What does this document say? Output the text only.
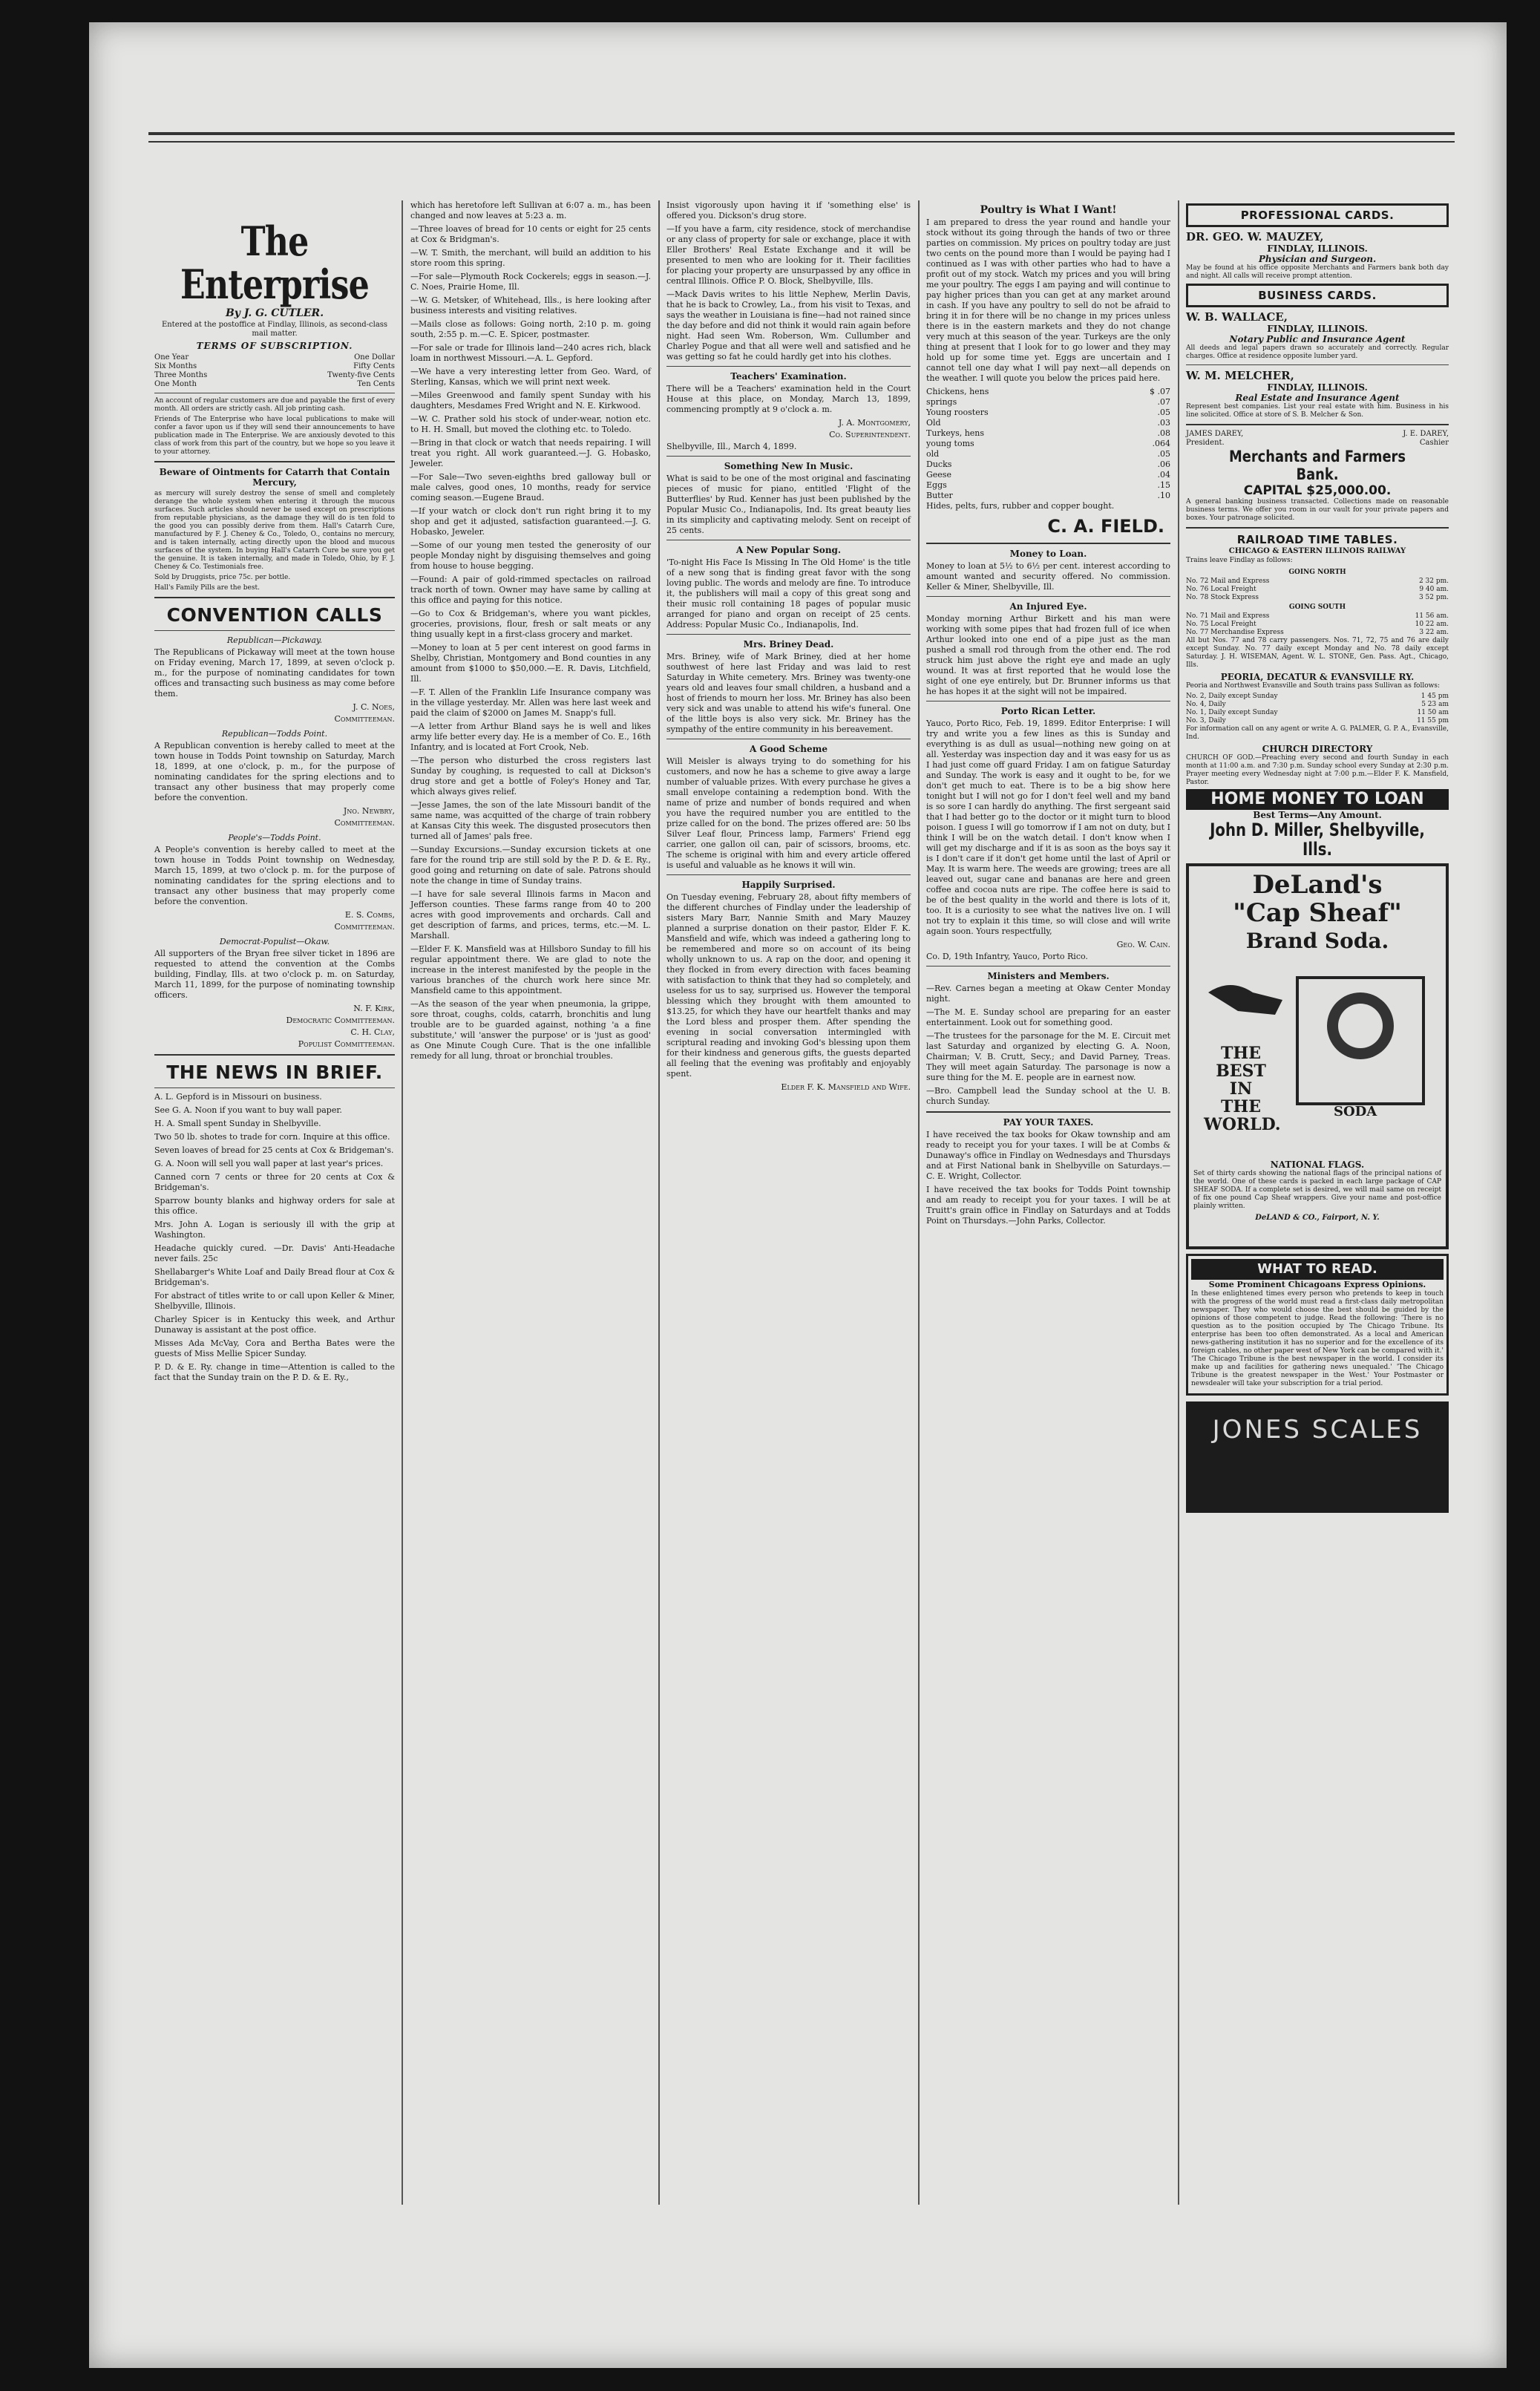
The Enterprise
By J. G. CUTLER.
Entered at the postoffice at Findlay, Illinois, as second-class mail matter.
TERMS OF SUBSCRIPTION.
One Year	One Dollar
Six Months	Fifty Cents
Three Months	Twenty-five Cents
One Month	Ten Cents

An account of regular customers are due and payable the first of every month. All orders are strictly cash. All job printing cash.

Friends of The Enterprise who have local publications to make will confer a favor upon us if they will send their announcements to have publication made in The Enterprise. We are anxiously devoted to this class of work from this part of the country, but we hope so you leave it to your attorney.

Beware of Ointments for Catarrh that Contain Mercury,

as mercury will surely destroy the sense of smell and completely derange the whole system when entering it through the mucous surfaces. Such articles should never be used except on prescriptions from reputable physicians, as the damage they will do is ten fold to the good you can possibly derive from them. Hall's Catarrh Cure, manufactured by F. J. Cheney & Co., Toledo, O., contains no mercury, and is taken internally, acting directly upon the blood and mucous surfaces of the system. In buying Hall's Catarrh Cure be sure you get the genuine. It is taken internally, and made in Toledo, Ohio, by F. J. Cheney & Co. Testimonials free.

Sold by Druggists, price 75c. per bottle.

Hall's Family Pills are the best.

CONVENTION CALLS
Republican—Pickaway.

The Republicans of Pickaway will meet at the town house on Friday evening, March 17, 1899, at seven o'clock p. m., for the purpose of nominating candidates for town offices and transacting such business as may come before them.

J. C. Noes,
Committeeman.
Republican—Todds Point.

A Republican convention is hereby called to meet at the town house in Todds Point township on Saturday, March 18, 1899, at one o'clock, p. m., for the purpose of nominating candidates for the spring elections and to transact any other business that may properly come before the convention.

Jno. Newbry,
Committeeman.
People's—Todds Point.

A People's convention is hereby called to meet at the town house in Todds Point township on Wednesday, March 15, 1899, at two o'clock p. m. for the purpose of nominating candidates for the spring elections and to transact any other business that may properly come before the convention.

E. S. Combs,
Committeeman.
Democrat-Populist—Okaw.

All supporters of the Bryan free silver ticket in 1896 are requested to attend the convention at the Combs building, Findlay, Ills. at two o'clock p. m. on Saturday, March 11, 1899, for the purpose of nominating township officers.

N. F. Kirk,
Democratic Committeeman.
C. H. Clay,
Populist Committeeman.
THE NEWS IN BRIEF.

A. L. Gepford is in Missouri on business.

See G. A. Noon if you want to buy wall paper.

H. A. Small spent Sunday in Shelbyville.

Two 50 lb. shotes to trade for corn. Inquire at this office.

Seven loaves of bread for 25 cents at Cox & Bridgeman's.

G. A. Noon will sell you wall paper at last year's prices.

Canned corn 7 cents or three for 20 cents at Cox & Bridgeman's.

Sparrow bounty blanks and highway orders for sale at this office.

Mrs. John A. Logan is seriously ill with the grip at Washington.

Headache quickly cured. —Dr. Davis' Anti-Headache never fails. 25c

Shellabarger's White Loaf and Daily Bread flour at Cox & Bridgeman's.

For abstract of titles write to or call upon Keller & Miner, Shelbyville, Illinois.

Charley Spicer is in Kentucky this week, and Arthur Dunaway is assistant at the post office.

Misses Ada McVay, Cora and Bertha Bates were the guests of Miss Mellie Spicer Sunday.

P. D. & E. Ry. change in time—Attention is called to the fact that the Sunday train on the P. D. & E. Ry.,

which has heretofore left Sullivan at 6:07 a. m., has been changed and now leaves at 5:23 a. m.

—Three loaves of bread for 10 cents or eight for 25 cents at Cox & Bridgman's.

—W. T. Smith, the merchant, will build an addition to his store room this spring.

—For sale—Plymouth Rock Cockerels; eggs in season.—J. C. Noes, Prairie Home, Ill.

—W. G. Metsker, of Whitehead, Ills., is here looking after business interests and visiting relatives.

—Mails close as follows: Going north, 2:10 p. m. going south, 2:55 p. m.—C. E. Spicer, postmaster.

—For sale or trade for Illinois land—240 acres rich, black loam in northwest Missouri.—A. L. Gepford.

—We have a very interesting letter from Geo. Ward, of Sterling, Kansas, which we will print next week.

—Miles Greenwood and family spent Sunday with his daughters, Mesdames Fred Wright and N. E. Kirkwood.

—W. C. Prather sold his stock of under-wear, notion etc. to H. H. Small, but moved the clothing etc. to Toledo.

—Bring in that clock or watch that needs repairing. I will treat you right. All work guaranteed.—J. G. Hobasko, Jeweler.

—For Sale—Two seven-eighths bred galloway bull or male calves, good ones, 10 months, ready for service coming season.—Eugene Braud.

—If your watch or clock don't run right bring it to my shop and get it adjusted, satisfaction guaranteed.—J. G. Hobasko, Jeweler.

—Some of our young men tested the generosity of our people Monday night by disguising themselves and going from house to house begging.

—Found: A pair of gold-rimmed spectacles on railroad track north of town. Owner may have same by calling at this office and paying for this notice.

—Go to Cox & Bridgeman's, where you want pickles, groceries, provisions, flour, fresh or salt meats or any thing usually kept in a first-class grocery and market.

—Money to loan at 5 per cent interest on good farms in Shelby, Christian, Montgomery and Bond counties in any amount from $1000 to $50,000.—E. R. Davis, Litchfield, Ill.

—F. T. Allen of the Franklin Life Insurance company was in the village yesterday. Mr. Allen was here last week and paid the claim of $2000 on James M. Snapp's full.

—A letter from Arthur Bland says he is well and likes army life better every day. He is a member of Co. E., 16th Infantry, and is located at Fort Crook, Neb.

—The person who disturbed the cross registers last Sunday by coughing, is requested to call at Dickson's drug store and get a bottle of Foley's Honey and Tar, which always gives relief.

—Jesse James, the son of the late Missouri bandit of the same name, was acquitted of the charge of train robbery at Kansas City this week. The disgusted prosecutors then turned all of James' pals free.

—Sunday Excursions.—Sunday excursion tickets at one fare for the round trip are still sold by the P. D. & E. Ry., good going and returning on date of sale. Patrons should note the change in time of Sunday trains.

—I have for sale several Illinois farms in Macon and Jefferson counties. These farms range from 40 to 200 acres with good improvements and orchards. Call and get description of farms, and prices, terms, etc.—M. L. Marshall.

—Elder F. K. Mansfield was at Hillsboro Sunday to fill his regular appointment there. We are glad to note the increase in the interest manifested by the people in the various branches of the church work here since Mr. Mansfield came to this appointment.

—As the season of the year when pneumonia, la grippe, sore throat, coughs, colds, catarrh, bronchitis and lung trouble are to be guarded against, nothing 'a a fine substitute,' will 'answer the purpose' or is 'just as good' as One Minute Cough Cure. That is the one infallible remedy for all lung, throat or bronchial troubles.

Insist vigorously upon having it if 'something else' is offered you. Dickson's drug store.

—If you have a farm, city residence, stock of merchandise or any class of property for sale or exchange, place it with Eller Brothers' Real Estate Exchange and it will be presented to men who are looking for it. Their facilities for placing your property are unsurpassed by any office in central Illinois. Office P. O. Block, Shelbyville, Ills.

—Mack Davis writes to his little Nephew, Merlin Davis, that he is back to Crowley, La., from his visit to Texas, and says the weather in Louisiana is fine—had not rained since the day before and did not think it would rain again before night. Had seen Wm. Roberson, Wm. Cullumber and Charley Pogue and that all were well and satisfied and he was getting so fat he could hardly get into his clothes.

Teachers' Examination.

There will be a Teachers' examination held in the Court House at this place, on Monday, March 13, 1899, commencing promptly at 9 o'clock a. m.

J. A. Montgomery,
Co. Superintendent.

Shelbyville, Ill., March 4, 1899.

Something New In Music.

What is said to be one of the most original and fascinating pieces of music for piano, entitled 'Flight of the Butterflies' by Rud. Kenner has just been published by the Popular Music Co., Indianapolis, Ind. Its great beauty lies in its simplicity and captivating melody. Sent on receipt of 25 cents.

A New Popular Song.

'To-night His Face Is Missing In The Old Home' is the title of a new song that is finding great favor with the song loving public. The words and melody are fine. To introduce it, the publishers will mail a copy of this great song and their music roll containing 18 pages of popular music arranged for piano and organ on receipt of 25 cents. Address: Popular Music Co., Indianapolis, Ind.

Mrs. Briney Dead.

Mrs. Briney, wife of Mark Briney, died at her home southwest of here last Friday and was laid to rest Saturday in White cemetery. Mrs. Briney was twenty-one years old and leaves four small children, a husband and a host of friends to mourn her loss. Mr. Briney has also been very sick and was unable to attend his wife's funeral. One of the little boys is also very sick. Mr. Briney has the sympathy of the entire community in his bereavement.

A Good Scheme

Will Meisler is always trying to do something for his customers, and now he has a scheme to give away a large number of valuable prizes. With every purchase he gives a small envelope containing a redemption bond. With the name of prize and number of bonds required and when you have the required number you are entitled to the prize called for on the bond. The prizes offered are: 50 lbs Silver Leaf flour, Princess lamp, Farmers' Friend egg carrier, one gallon oil can, pair of scissors, brooms, etc. The scheme is original with him and every article offered is useful and valuable as he knows it will win.

Happily Surprised.

On Tuesday evening, February 28, about fifty members of the different churches of Findlay under the leadership of sisters Mary Barr, Nannie Smith and Mary Mauzey planned a surprise donation on their pastor, Elder F. K. Mansfield and wife, which was indeed a gathering long to be remembered and more so on account of its being wholly unknown to us. A rap on the door, and opening it they flocked in from every direction with faces beaming with satisfaction to think that they had so completely, and useless for us to say, surprised us. However the temporal blessing which they brought with them amounted to $13.25, for which they have our heartfelt thanks and may the Lord bless and prosper them. After spending the evening in social conversation intermingled with scriptural reading and invoking God's blessing upon them for their kindness and generous gifts, the guests departed all feeling that the evening was profitably and enjoyably spent.

Elder F. K. Mansfield and Wife.
Poultry is What I Want!

I am prepared to dress the year round and handle your stock without its going through the hands of two or three parties on commission. My prices on poultry today are just two cents on the pound more than I would be paying had I continued as I was with other parties who had to have a profit out of my stock. Watch my prices and you will bring me your poultry. The eggs I am paying and will continue to pay higher prices than you can get at any market around in cash. If you have any poultry to sell do not be afraid to bring it in for there will be no change in my prices unless there is in the eastern markets and they do not change very much at this season of the year. Turkeys are the only thing at present that I look for to go lower and they may hold up for some time yet. Eggs are uncertain and I cannot tell one day what I will pay next—all depends on the weather. I will quote you below the prices paid here.

Chickens, hens	$ .07
springs	.07
Young roosters	.05
Old	.03
Turkeys, hens	.08
young toms	.064
old	.05
Ducks	.06
Geese	.04
Eggs	.15
Butter	.10

Hides, pelts, furs, rubber and copper bought.

C. A. FIELD.
Money to Loan.

Money to loan at 5½ to 6½ per cent. interest according to amount wanted and security offered. No commission. Keller & Miner, Shelbyville, Ill.

An Injured Eye.

Monday morning Arthur Birkett and his man were working with some pipes that had frozen full of ice when Arthur looked into one end of a pipe just as the man pushed a small rod through from the other end. The rod struck him just above the right eye and made an ugly wound. It was at first reported that he would lose the sight of one eye entirely, but Dr. Brunner informs us that he has hopes it at the sight will not be impaired.

Porto Rican Letter.

Yauco, Porto Rico, Feb. 19, 1899. Editor Enterprise: I will try and write you a few lines as this is Sunday and everything is as dull as usual—nothing new going on at all. Yesterday was inspection day and it was easy for us as I had just come off guard Friday. I am on fatigue Saturday and Sunday. The work is easy and it ought to be, for we don't get much to eat. There is to be a big show here tonight but I will not go for I don't feel well and my band is so sore I can hardly do anything. The first sergeant said that I had better go to the doctor or it might turn to blood poison. I guess I will go tomorrow if I am not on duty, but I think I will be on the watch detail. I don't know when I will get my discharge and if it is as soon as the boys say it is I don't care if it don't get home until the last of April or May. It is warm here. The weeds are growing; trees are all leaved out, sugar cane and bananas are here and green coffee and cocoa nuts are ripe. The coffee here is said to be of the best quality in the world and there is lots of it, too. It is a curiosity to see what the natives live on. I will not try to explain it this time, so will close and will write again soon. Yours respectfully,

Geo. W. Cain.

Co. D, 19th Infantry, Yauco, Porto Rico.

Ministers and Members.

—Rev. Carnes began a meeting at Okaw Center Monday night.

—The M. E. Sunday school are preparing for an easter entertainment. Look out for something good.

—The trustees for the parsonage for the M. E. Circuit met last Saturday and organized by electing G. A. Noon, Chairman; V. B. Crutt, Secy.; and David Parney, Treas. They will meet again Saturday. The parsonage is now a sure thing for the M. E. people are in earnest now.

—Bro. Campbell lead the Sunday school at the U. B. church Sunday.

PAY YOUR TAXES.

I have received the tax books for Okaw township and am ready to receipt you for your taxes. I will be at Combs & Dunaway's office in Findlay on Wednesdays and Thursdays and at First National bank in Shelbyville on Saturdays.—C. E. Wright, Collector.

I have received the tax books for Todds Point township and am ready to receipt you for your taxes. I will be at Truitt's grain office in Findlay on Saturdays and at Todds Point on Thursdays.—John Parks, Collector.

PROFESSIONAL CARDS.
DR. GEO. W. MAUZEY,
FINDLAY, ILLINOIS.
Physician and Surgeon.

May be found at his office opposite Merchants and Farmers bank both day and night. All calls will receive prompt attention.

BUSINESS CARDS.
W. B. WALLACE,
FINDLAY, ILLINOIS.
Notary Public and Insurance Agent

All deeds and legal papers drawn so accurately and correctly. Regular charges. Office at residence opposite lumber yard.

W. M. MELCHER,
FINDLAY, ILLINOIS.
Real Estate and Insurance Agent

Represent best companies. List your real estate with him. Business in his line solicited. Office at store of S. B. Melcher & Son.

JAMES DAREY,	J. E. DAREY,
President.	Cashier
Merchants and Farmers Bank.
CAPITAL $25,000.00.

A general banking business transacted. Collections made on reasonable business terms. We offer you room in our vault for your private papers and boxes. Your patronage solicited.

RAILROAD TIME TABLES.
CHICAGO & EASTERN ILLINOIS RAILWAY

Trains leave Findlay as follows:

GOING NORTH
No. 72 Mail and Express	2 32 pm.
No. 76 Local Freight	9 40 am.
No. 78 Stock Express	3 52 pm.
GOING SOUTH
No. 71 Mail and Express	11 56 am.
No. 75 Local Freight	10 22 am.
No. 77 Merchandise Express	3 22 am.

All but Nos. 77 and 78 carry passengers. Nos. 71, 72, 75 and 76 are daily except Sunday. No. 77 daily except Monday and No. 78 daily except Saturday. J. H. WISEMAN, Agent. W. L. STONE, Gen. Pass. Agt., Chicago, Ills.

PEORIA, DECATUR & EVANSVILLE RY.

Peoria and Northwest Evansville and South trains pass Sullivan as follows:

No. 2, Daily except Sunday	1 45 pm
No. 4, Daily	5 23 am
No. 1, Daily except Sunday	11 50 am
No. 3, Daily	11 55 pm

For information call on any agent or write A. G. PALMER, G. P. A., Evansville, Ind.

CHURCH DIRECTORY

CHURCH OF GOD.—Preaching every second and fourth Sunday in each month at 11:00 a.m. and 7:30 p.m. Sunday school every Sunday at 2:30 p.m. Prayer meeting every Wednesday night at 7:00 p.m.—Elder F. K. Mansfield, Pastor.

HOME MONEY TO LOAN
Best Terms—Any Amount.
John D. Miller, Shelbyville, Ills.
DeLand's
"Cap Sheaf"
Brand Soda.
THE
BEST
IN
THE
WORLD.
SODA
NATIONAL FLAGS.

Set of thirty cards showing the national flags of the principal nations of the world. One of these cards is packed in each large package of CAP SHEAF SODA. If a complete set is desired, we will mail same on receipt of fix one pound Cap Sheaf wrappers. Give your name and post-office plainly written.

DeLAND & CO., Fairport, N. Y.
WHAT TO READ.
Some Prominent Chicagoans Express Opinions.

In these enlightened times every person who pretends to keep in touch with the progress of the world must read a first-class daily metropolitan newspaper. They who would choose the best should be guided by the opinions of those competent to judge. Read the following: 'There is no question as to the position occupied by The Chicago Tribune. Its enterprise has been too often demonstrated. As a local and American news-gathering institution it has no superior and for the excellence of its foreign cables, no other paper west of New York can be compared with it.' 'The Chicago Tribune is the best newspaper in the world. I consider its make up and facilities for gathering news unequaled.' 'The Chicago Tribune is the greatest newspaper in the West.' Your Postmaster or newsdealer will take your subscription for a trial period.

JONES SCALES
